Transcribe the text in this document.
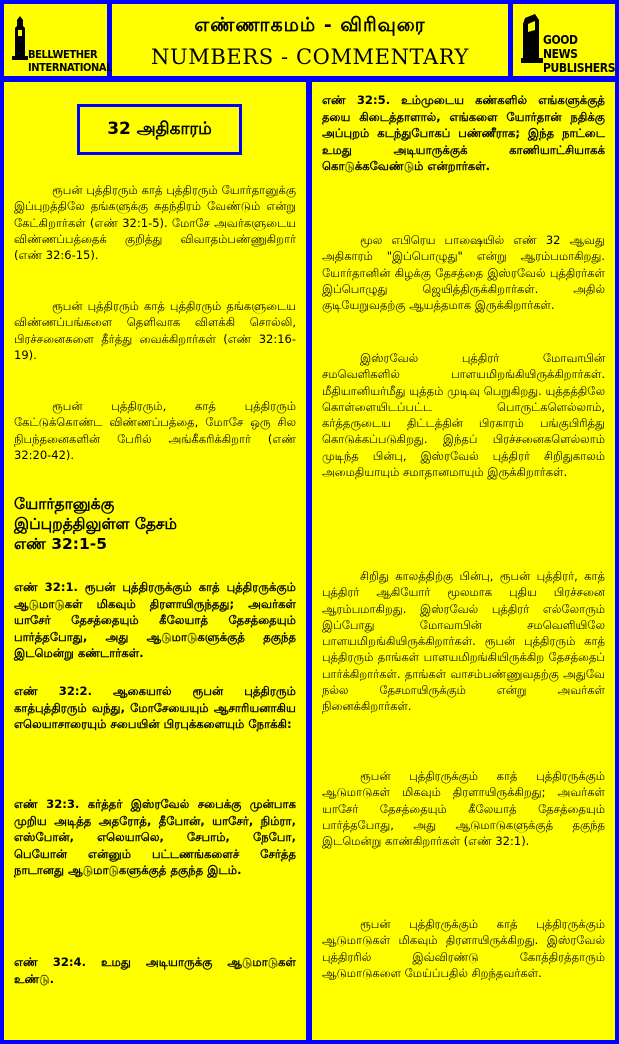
BELLWETHER
INTERNATIONAL
எண்ணாகமம் - விரிவுரை
NUMBERS - COMMENTARY
GOOD NEWS
PUBLISHERS
32 அதிகாரம்

ரூபன் புத்திரரும் காத் புத்திரரும் யோர்தானுக்கு இப்புறத்திலே தங்களுக்கு சுதந்திரம் வேண்டும் என்று கேட்கிறார்கள் (எண் 32:1-5). மோசே அவர்களுடைய விண்ணப்பத்தைக் குறித்து விவாதம்பண்ணுகிறார் (எண் 32:6-15).

ரூபன் புத்திரரும் காத் புத்திரரும் தங்களுடைய விண்ணப்பங்களை தெளிவாக விளக்கி சொல்லி, பிரச்சனைகளை தீர்த்து வைக்கிறார்கள் (எண் 32:16-19).

ரூபன் புத்திரரும், காத் புத்திரரும் கேட்டுக்கொண்ட விண்ணப்பத்தை, மோசே ஒரு சில நிபந்தனைகளின் பேரில் அங்கீகரிக்கிறார் (எண் 32:20-42).

யோர்தானுக்கு
இப்புறத்திலுள்ள தேசம்
எண் 32:1-5

எண் 32:1. ரூபன் புத்திரருக்கும் காத் புத்திரருக்கும் ஆடுமாடுகள் மிகவும் திரளாயிருந்தது; அவர்கள் யாசேர் தேசத்தையும் கீலேயாத் தேசத்தையும் பார்த்தபோது, அது ஆடுமாடுகளுக்குத் தகுந்த இடமென்று கண்டார்கள்.

எண் 32:2. ஆகையால் ரூபன் புத்திரரும் காத்புத்திரரும் வந்து, மோசேயையும் ஆசாரியனாகிய எலெயாசாரையும் சபையின் பிரபுக்களையும் நோக்கி:

எண் 32:3. கர்த்தர் இஸ்ரவேல் சபைக்கு முன்பாக முறிய அடித்த அதரோத், தீபோன், யாசேர், நிம்ரா, எஸ்போன், எலெயாலெ, சேபாம், நேபோ, பெயோன் என்னும் பட்டணங்களைச் சேர்த்த நாடானது ஆடுமாடுகளுக்குத் தகுந்த இடம்.

எண் 32:4. உமது அடியாருக்கு ஆடுமாடுகள் உண்டு.

எண் 32:5. உம்முடைய கண்களில் எங்களுக்குத் தயை கிடைத்தாளால், எங்களை யோர்தான் நதிக்கு அப்புறம் கடந்துபோகப் பண்ணீராக; இந்த நாட்டை உமது அடியாருக்குக் காணியாட்சியாகக் கொடுக்கவேண்டும் என்றார்கள்.

மூல எபிரெய பாஷையில் எண் 32 ஆவது அதிகாரம் "இப்பொழுது" என்று ஆரம்பமாகிறது. யோர்தானின் கிழக்கு தேசத்தை இஸ்ரவேல் புத்திரர்கள் இப்பொழுது ஜெயித்திருக்கிறார்கள். அதில் குடியேறுவதற்கு ஆயத்தமாக இருக்கிறார்கள்.

இஸ்ரவேல் புத்திரர் மோவாபின் சமவெளிகளில் பாளயமிறங்கியிருக்கிறார்கள். மீதியானியர்மீது யுத்தம் முடிவு பெறுகிறது. யுத்தத்திலே கொள்ளையிடப்பட்ட பொருட்களெல்லாம், கர்த்தருடைய திட்டத்தின் பிரகாரம் பங்குபிரித்து கொடுக்கப்படுகிறது. இந்தப் பிரச்சனைகளெல்லாம் முடிந்த பின்பு, இஸ்ரவேல் புத்திரர் சிறிதுகாலம் அமைதியாயும் சமாதானமாயும் இருக்கிறார்கள்.

சிறிது காலத்திற்கு பின்பு, ரூபன் புத்திரர், காத் புத்திரர் ஆகியோர் மூலமாக புதிய பிரச்சனை ஆரம்பமாகிறது. இஸ்ரவேல் புத்திரர் எல்லோரும் இப்போது மோவாபின் சமவெளியிலே பாளயமிறங்கியிருக்கிறார்கள். ரூபன் புத்திரரும் காத் புத்திரரும் தாங்கள் பாளயமிறங்கியிருக்கிற தேசத்தைப் பார்க்கிறார்கள். தாங்கள் வாசம்பண்ணுவதற்கு அதுவே நல்ல தேசமாயிருக்கும் என்று அவர்கள் நினைக்கிறார்கள்.

ரூபன் புத்திரருக்கும் காத் புத்திரருக்கும் ஆடுமாடுகள் மிகவும் திரளாயிருக்கிறது; அவர்கள் யாசேர் தேசத்தையும் கீலேயாத் தேசத்தையும் பார்த்தபோது, அது ஆடுமாடுகளுக்குத் தகுந்த இடமென்று காண்கிறார்கள் (எண் 32:1).

ரூபன் புத்திரருக்கும் காத் புத்திரருக்கும் ஆடுமாடுகள் மிகவும் திரளாயிருக்கிறது. இஸ்ரவேல் புத்திரரில் இவ்விரண்டு கோத்திரத்தாரும் ஆடுமாடுகளை மேய்ப்பதில் சிறந்தவர்கள்.
